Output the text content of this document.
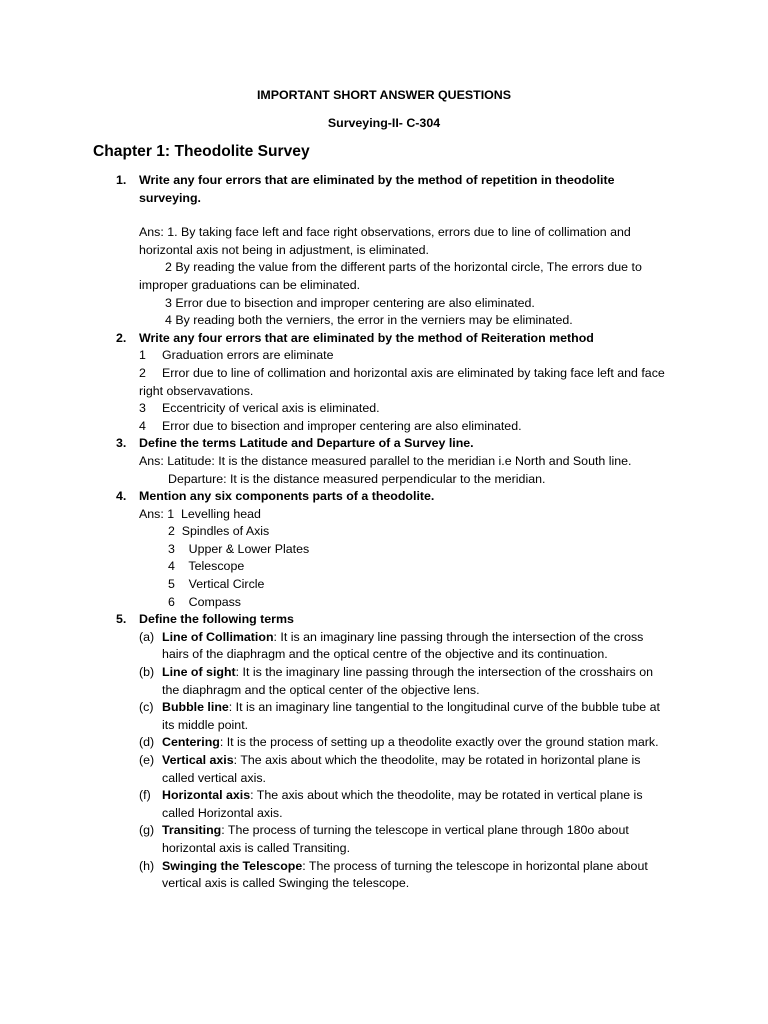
IMPORTANT SHORT ANSWER QUESTIONS
Surveying-II- C-304
Chapter 1: Theodolite Survey
1. Write any four errors that are eliminated by the method of repetition in theodolite surveying.
Ans: 1. By taking face left and face right observations, errors due to line of collimation and horizontal axis not being in adjustment, is eliminated.
2 By reading the value from the different parts of the horizontal circle, The errors due to improper graduations can be eliminated.
3 Error due to bisection and improper centering are also eliminated.
4 By reading both the verniers, the error in the verniers may be eliminated.
2. Write any four errors that are eliminated by the method of Reiteration method
1 Graduation errors are eliminate
2 Error due to line of collimation and horizontal axis are eliminated by taking face left and face right observavations.
3 Eccentricity of verical axis is eliminated.
4 Error due to bisection and improper centering are also eliminated.
3. Define the terms Latitude and Departure of a Survey line.
Ans: Latitude: It is the distance measured parallel to the meridian i.e North and South line.
Departure: It is the distance measured perpendicular to the meridian.
4. Mention any six components parts of a theodolite.
Ans: 1  Levelling head
2  Spindles of Axis
3    Upper & Lower Plates
4    Telescope
5    Vertical Circle
6    Compass
5. Define the following terms
(a) Line of Collimation: It is an imaginary line passing through the intersection of the cross hairs of the diaphragm and the optical centre of the objective and its continuation.
(b) Line of sight: It is the imaginary line passing through the intersection of the crosshairs on the diaphragm and the optical center of the objective lens.
(c) Bubble line: It is an imaginary line tangential to the longitudinal curve of the bubble tube at its middle point.
(d) Centering: It is the process of setting up a theodolite exactly over the ground station mark.
(e) Vertical axis: The axis about which the theodolite, may be rotated in horizontal plane is called vertical axis.
(f) Horizontal axis: The axis about which the theodolite, may be rotated in vertical plane is called Horizontal axis.
(g) Transiting: The process of turning the telescope in vertical plane through 180o about horizontal axis is called Transiting.
(h) Swinging the Telescope: The process of turning the telescope in horizontal plane about vertical axis is called Swinging the telescope.
